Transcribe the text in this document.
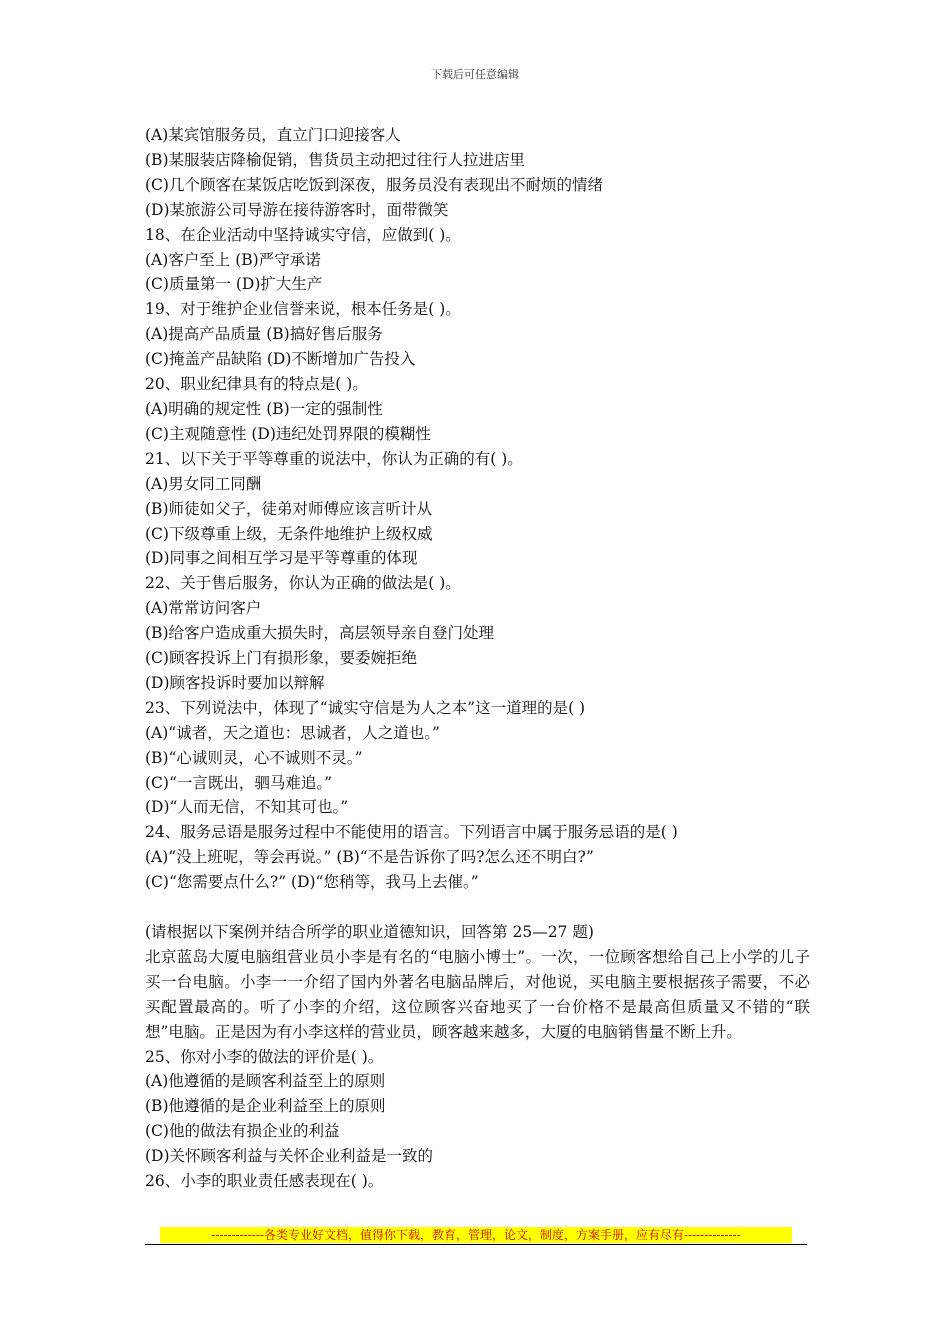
下载后可任意编辑
(A)某宾馆服务员，直立门口迎接客人
(B)某服装店降榆促销，售货员主动把过往行人拉进店里
(C)几个顾客在某饭店吃饭到深夜，服务员没有表现出不耐烦的情绪
(D)某旅游公司导游在接待游客时，面带微笑
18、在企业活动中坚持诚实守信，应做到( )。
(A)客户至上 (B)严守承诺
(C)质量第一 (D)扩大生产
19、对于维护企业信誉来说，根本任务是( )。
(A)提高产品质量 (B)搞好售后服务
(C)掩盖产品缺陷 (D)不断增加广告投入
20、职业纪律具有的特点是( )。
(A)明确的规定性 (B)一定的强制性
(C)主观随意性 (D)违纪处罚界限的模糊性
21、以下关于平等尊重的说法中，你认为正确的有( )。
(A)男女同工同酬
(B)师徒如父子，徒弟对师傅应该言听计从
(C)下级尊重上级，无条件地维护上级权威
(D)同事之间相互学习是平等尊重的体现
22、关于售后服务，你认为正确的做法是( )。
(A)常常访问客户
(B)给客户造成重大损失时，高层领导亲自登门处理
(C)顾客投诉上门有损形象，要委婉拒绝
(D)顾客投诉时要加以辩解
23、下列说法中，体现了“诚实守信是为人之本”这一道理的是( )
(A)“诚者，天之道也：思诚者，人之道也。”
(B)“心诚则灵，心不诚则不灵。”
(C)“一言既出，驷马难追。”
(D)“人而无信，不知其可也。”
24、服务忌语是服务过程中不能使用的语言。下列语言中属于服务忌语的是( )
(A)“没上班呢，等会再说。” (B)“不是告诉你了吗?怎么还不明白?”
(C)“您需要点什么?” (D)“您稍等，我马上去催。”
(请根据以下案例并结合所学的职业道德知识，回答第 25—27 题)
北京蓝岛大厦电脑组营业员小李是有名的“电脑小博士”。一次，一位顾客想给自己上小学的儿子买一台电脑。小李一一介绍了国内外著名电脑品牌后，对他说，买电脑主要根据孩子需要，不必买配置最高的。听了小李的介绍，这位顾客兴奋地买了一台价格不是最高但质量又不错的“联想”电脑。正是因为有小李这样的营业员，顾客越来越多，大厦的电脑销售量不断上升。
25、你对小李的做法的评价是( )。
(A)他遵循的是顾客利益至上的原则
(B)他遵循的是企业利益至上的原则
(C)他的做法有损企业的利益
(D)关怀顾客利益与关怀企业利益是一致的
26、小李的职业责任感表现在( )。
-------------各类专业好文档，值得你下载，教育，管理，论文，制度，方案手册，应有尽有--------------
